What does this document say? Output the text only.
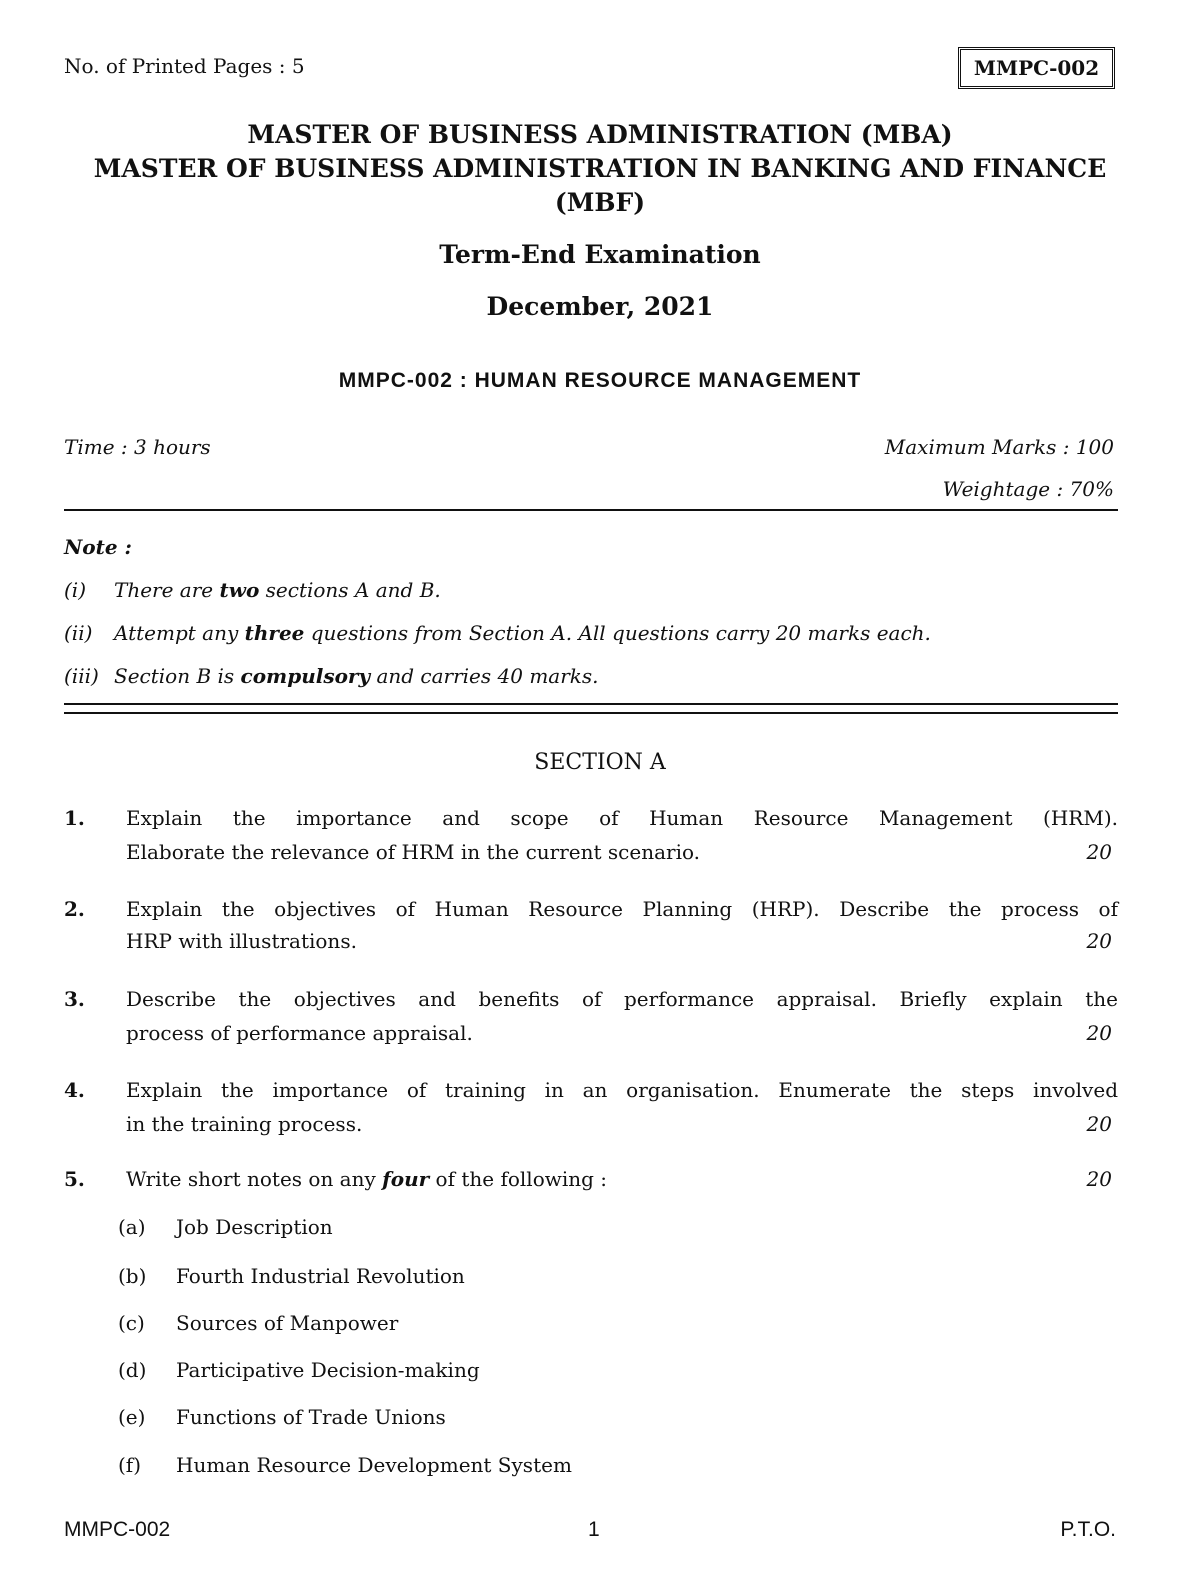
No. of Printed Pages : 5	MMPC-002
MASTER OF BUSINESS ADMINISTRATION (MBA)
MASTER OF BUSINESS ADMINISTRATION IN BANKING AND FINANCE
(MBF)
Term-End Examination
December, 2021
MMPC-002 : HUMAN RESOURCE MANAGEMENT
Time : 3 hours	Maximum Marks : 100
Weightage : 70%
Note :
(i) There are two sections A and B.
(ii) Attempt any three questions from Section A. All questions carry 20 marks each.
(iii) Section B is compulsory and carries 40 marks.
SECTION A
1. Explain the importance and scope of Human Resource Management (HRM).
Elaborate the relevance of HRM in the current scenario.	20
2. Explain the objectives of Human Resource Planning (HRP). Describe the process of
HRP with illustrations.	20
3. Describe the objectives and benefits of performance appraisal. Briefly explain the
process of performance appraisal.	20
4. Explain the importance of training in an organisation. Enumerate the steps involved
in the training process.	20
5. Write short notes on any four of the following :	20
(a) Job Description
(b) Fourth Industrial Revolution
(c) Sources of Manpower
(d) Participative Decision-making
(e) Functions of Trade Unions
(f) Human Resource Development System
MMPC-002	1	P.T.O.
